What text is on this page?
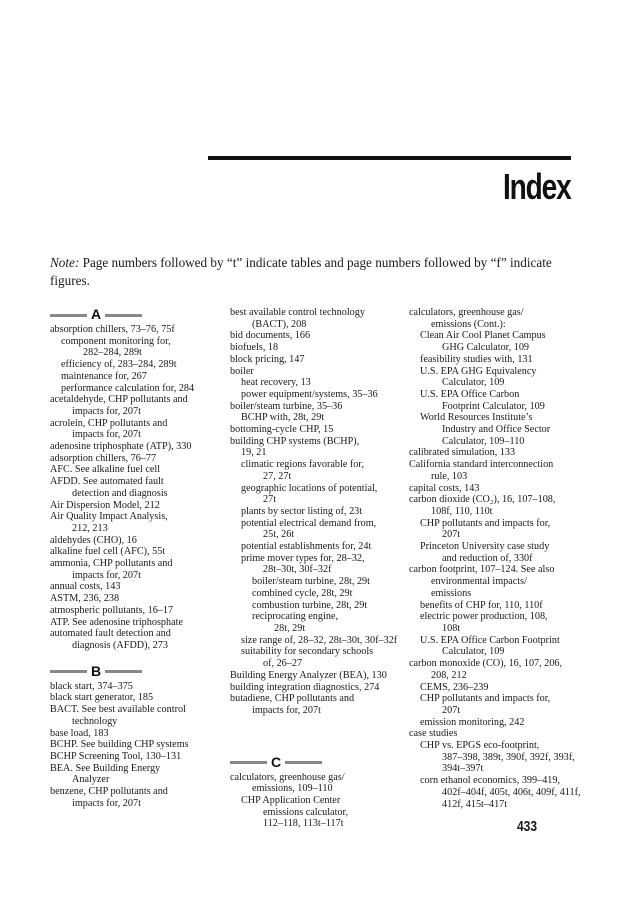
Index
Note: Page numbers followed by “t” indicate tables and page numbers followed by “f” indicate figures.
A
absorption chillers, 73–76, 75f
component monitoring for,
282–284, 289t
efficiency of, 283–284, 289t
maintenance for, 267
performance calculation for, 284
acetaldehyde, CHP pollutants and
impacts for, 207t
acrolein, CHP pollutants and
impacts for, 207t
adenosine triphosphate (ATP), 330
adsorption chillers, 76–77
AFC. See alkaline fuel cell
AFDD. See automated fault
detection and diagnosis
Air Dispersion Model, 212
Air Quality Impact Analysis,
212, 213
aldehydes (CHO), 16
alkaline fuel cell (AFC), 55t
ammonia, CHP pollutants and
impacts for, 207t
annual costs, 143
ASTM, 236, 238
atmospheric pollutants, 16–17
ATP. See adenosine triphosphate
automated fault detection and
diagnosis (AFDD), 273
B
black start, 374–375
black start generator, 185
BACT. See best available control
technology
base load, 183
BCHP. See building CHP systems
BCHP Screening Tool, 130–131
BEA. See Building Energy
Analyzer
benzene, CHP pollutants and
impacts for, 207t
best available control technology
(BACT), 208
bid documents, 166
biofuels, 18
block pricing, 147
boiler
heat recovery, 13
power equipment/systems, 35–36
boiler/steam turbine, 35–36
BCHP with, 28t, 29t
bottoming-cycle CHP, 15
building CHP systems (BCHP),
19, 21
climatic regions favorable for,
27, 27t
geographic locations of potential,
27t
plants by sector listing of, 23t
potential electrical demand from,
25t, 26t
potential establishments for, 24t
prime mover types for, 28–32,
28t–30t, 30f–32f
boiler/steam turbine, 28t, 29t
combined cycle, 28t, 29t
combustion turbine, 28t, 29t
reciprocating engine,
28t, 29t
size range of, 28–32, 28t–30t, 30f–32f
suitability for secondary schools
of, 26–27
Building Energy Analyzer (BEA), 130
building integration diagnostics, 274
butadiene, CHP pollutants and
impacts for, 207t
C
calculators, greenhouse gas/
emissions, 109–110
CHP Application Center
emissions calculator,
112–118, 113t–117t
calculators, greenhouse gas/
emissions (Cont.):
Clean Air Cool Planet Campus
GHG Calculator, 109
feasibility studies with, 131
U.S. EPA GHG Equivalency
Calculator, 109
U.S. EPA Office Carbon
Footprint Calculator, 109
World Resources Institute’s
Industry and Office Sector
Calculator, 109–110
calibrated simulation, 133
California standard interconnection
rule, 103
capital costs, 143
carbon dioxide (CO₂), 16, 107–108,
108f, 110, 110t
CHP pollutants and impacts for,
207t
Princeton University case study
and reduction of, 330f
carbon footprint, 107–124. See also
environmental impacts/
emissions
benefits of CHP for, 110, 110f
electric power production, 108,
108t
U.S. EPA Office Carbon Footprint
Calculator, 109
carbon monoxide (CO), 16, 107, 206,
208, 212
CEMS, 236–239
CHP pollutants and impacts for,
207t
emission monitoring, 242
case studies
CHP vs. EPGS eco-footprint,
387–398, 389t, 390f, 392f, 393f,
394t–397t
corn ethanol economics, 399–419,
402f–404f, 405t, 406t, 409f, 411f,
412f, 415t–417t
433
